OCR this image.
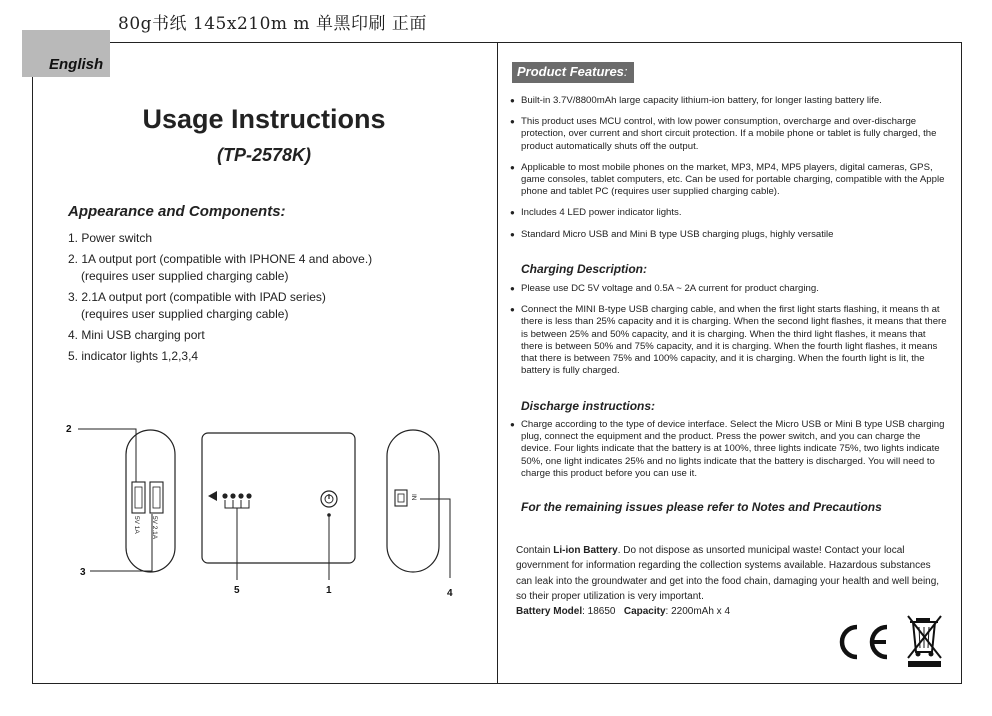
80g书纸 145x210m m 单黑印刷 正面
English
Usage Instructions
(TP-2578K)
Appearance and Components:
1. Power switch
2. 1A output port (compatible with IPHONE 4 and above.)
(requires user supplied charging cable)
3. 2.1A output port (compatible with IPAD series)
(requires user supplied charging cable)
4. Mini USB charging port
5. indicator lights 1,2,3,4
5V 1A 5V 2.1A
2
3
5	1
IN
4
Product Features:
● Built-in 3.7V/8800mAh large capacity lithium-ion battery, for longer lasting battery life.
● This product uses MCU control, with low power consumption, overcharge and over-discharge protection, over current and short circuit protection. If a mobile phone or tablet is fully charged, the product automatically shuts off the output.
● Applicable to most mobile phones on the market, MP3, MP4, MP5 players, digital cameras, GPS, game consoles, tablet computers, etc. Can be used for portable charging, compatible with the Apple phone and tablet PC (requires user supplied charging cable).
● Includes 4 LED power indicator lights.
● Standard Micro USB and Mini B type USB charging plugs, highly versatile
Charging Description:
● Please use DC 5V voltage and 0.5A ~ 2A current for product charging.
● Connect the MINI B-type USB charging cable, and when the first light starts flashing, it means th at there is less than 25% capacity and it is charging. When the second light flashes, it means that there is between 25% and 50% capacity, and it is charging. When the third light flashes, it means that there is between 50% and 75% capacity, and it is charging. When the fourth light flashes, it means that there is between 75% and 100% capacity, and it is charging. When the fourth light is lit, the battery is fully charged.
Discharge instructions:
● Charge according to the type of device interface. Select the Micro USB or Mini B type USB charging plug, connect the equipment and the product. Press the power switch, and you can charge the device. Four lights indicate that the battery is at 100%, three lights indicate 75%, two lights indicate 50%, one light indicates 25% and no lights indicate that the battery is discharged. You will need to charge this product before you can use it.
For the remaining issues please refer to Notes and Precautions
Contain Li-ion Battery. Do not dispose as unsorted municipal waste! Contact your local government for information regarding the collection systems available. Hazardous substances can leak into the groundwater and get into the food chain, damaging your health and well being, so their proper utilization is very important.
Battery Model: 18650 Capacity: 2200mAh x 4
